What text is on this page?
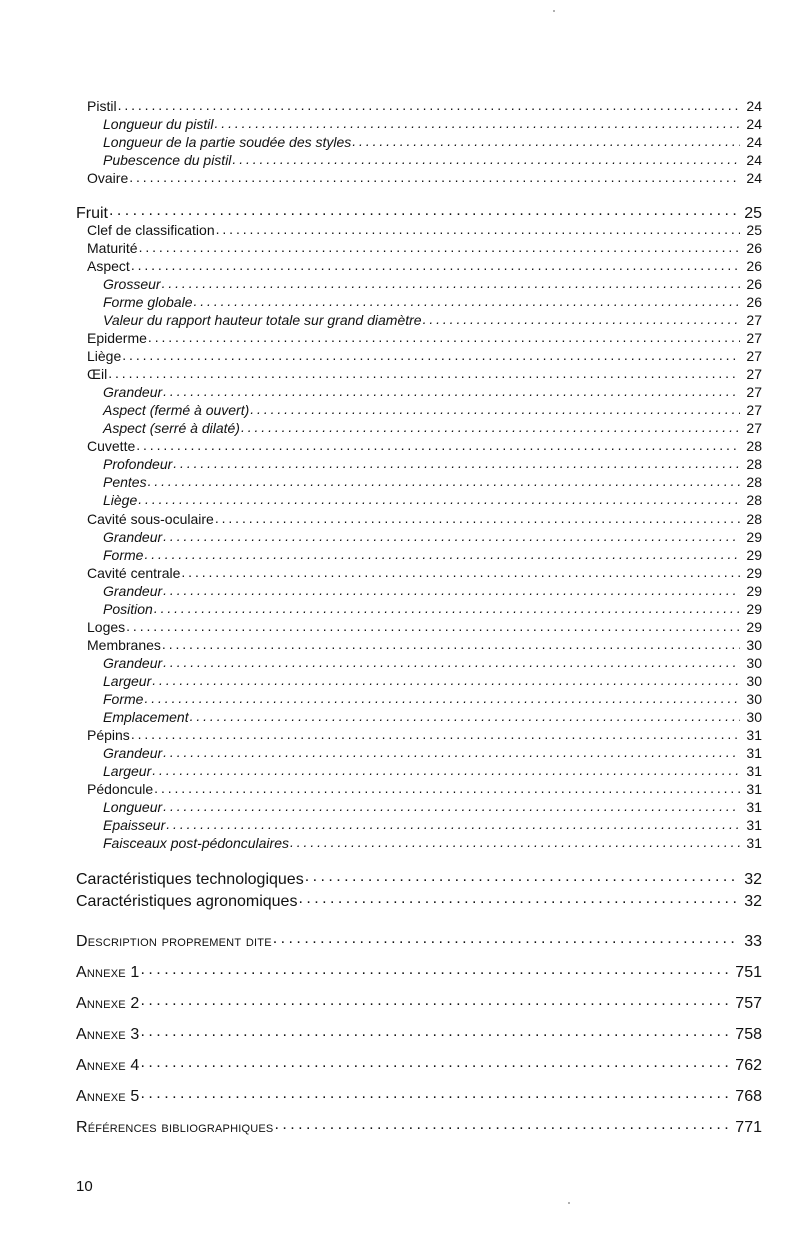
Pistil . . .	24
Longueur du pistil . . .	24
Longueur de la partie soudée des styles . . .	24
Pubescence du pistil . . .	24
Ovaire . . .	24
Fruit . . .	25
Clef de classification . . .	25
Maturité . . .	26
Aspect . . .	26
Grosseur . . .	26
Forme globale . . .	26
Valeur du rapport hauteur totale sur grand diamètre . . .	27
Epiderme . . .	27
Liège . . .	27
Œil . . .	27
Grandeur . . .	27
Aspect (fermé à ouvert) . . .	27
Aspect (serré à dilaté) . . .	27
Cuvette . . .	28
Profondeur . . .	28
Pentes . . .	28
Liège . . .	28
Cavité sous-oculaire . . .	28
Grandeur . . .	29
Forme . . .	29
Cavité centrale . . .	29
Grandeur . . .	29
Position . . .	29
Loges . . .	29
Membranes . . .	30
Grandeur . . .	30
Largeur . . .	30
Forme . . .	30
Emplacement . . .	30
Pépins . . .	31
Grandeur . . .	31
Largeur . . .	31
Pédoncule . . .	31
Longueur . . .	31
Epaisseur . . .	31
Faisceaux post-pédonculaires . . .	31
Caractéristiques technologiques . . .	32
Caractéristiques agronomiques . . .	32
Description proprement dite . . .	33
Annexe 1 . . .	751
Annexe 2 . . .	757
Annexe 3 . . .	758
Annexe 4 . . .	762
Annexe 5 . . .	768
Références bibliographiques . . .	771
10
